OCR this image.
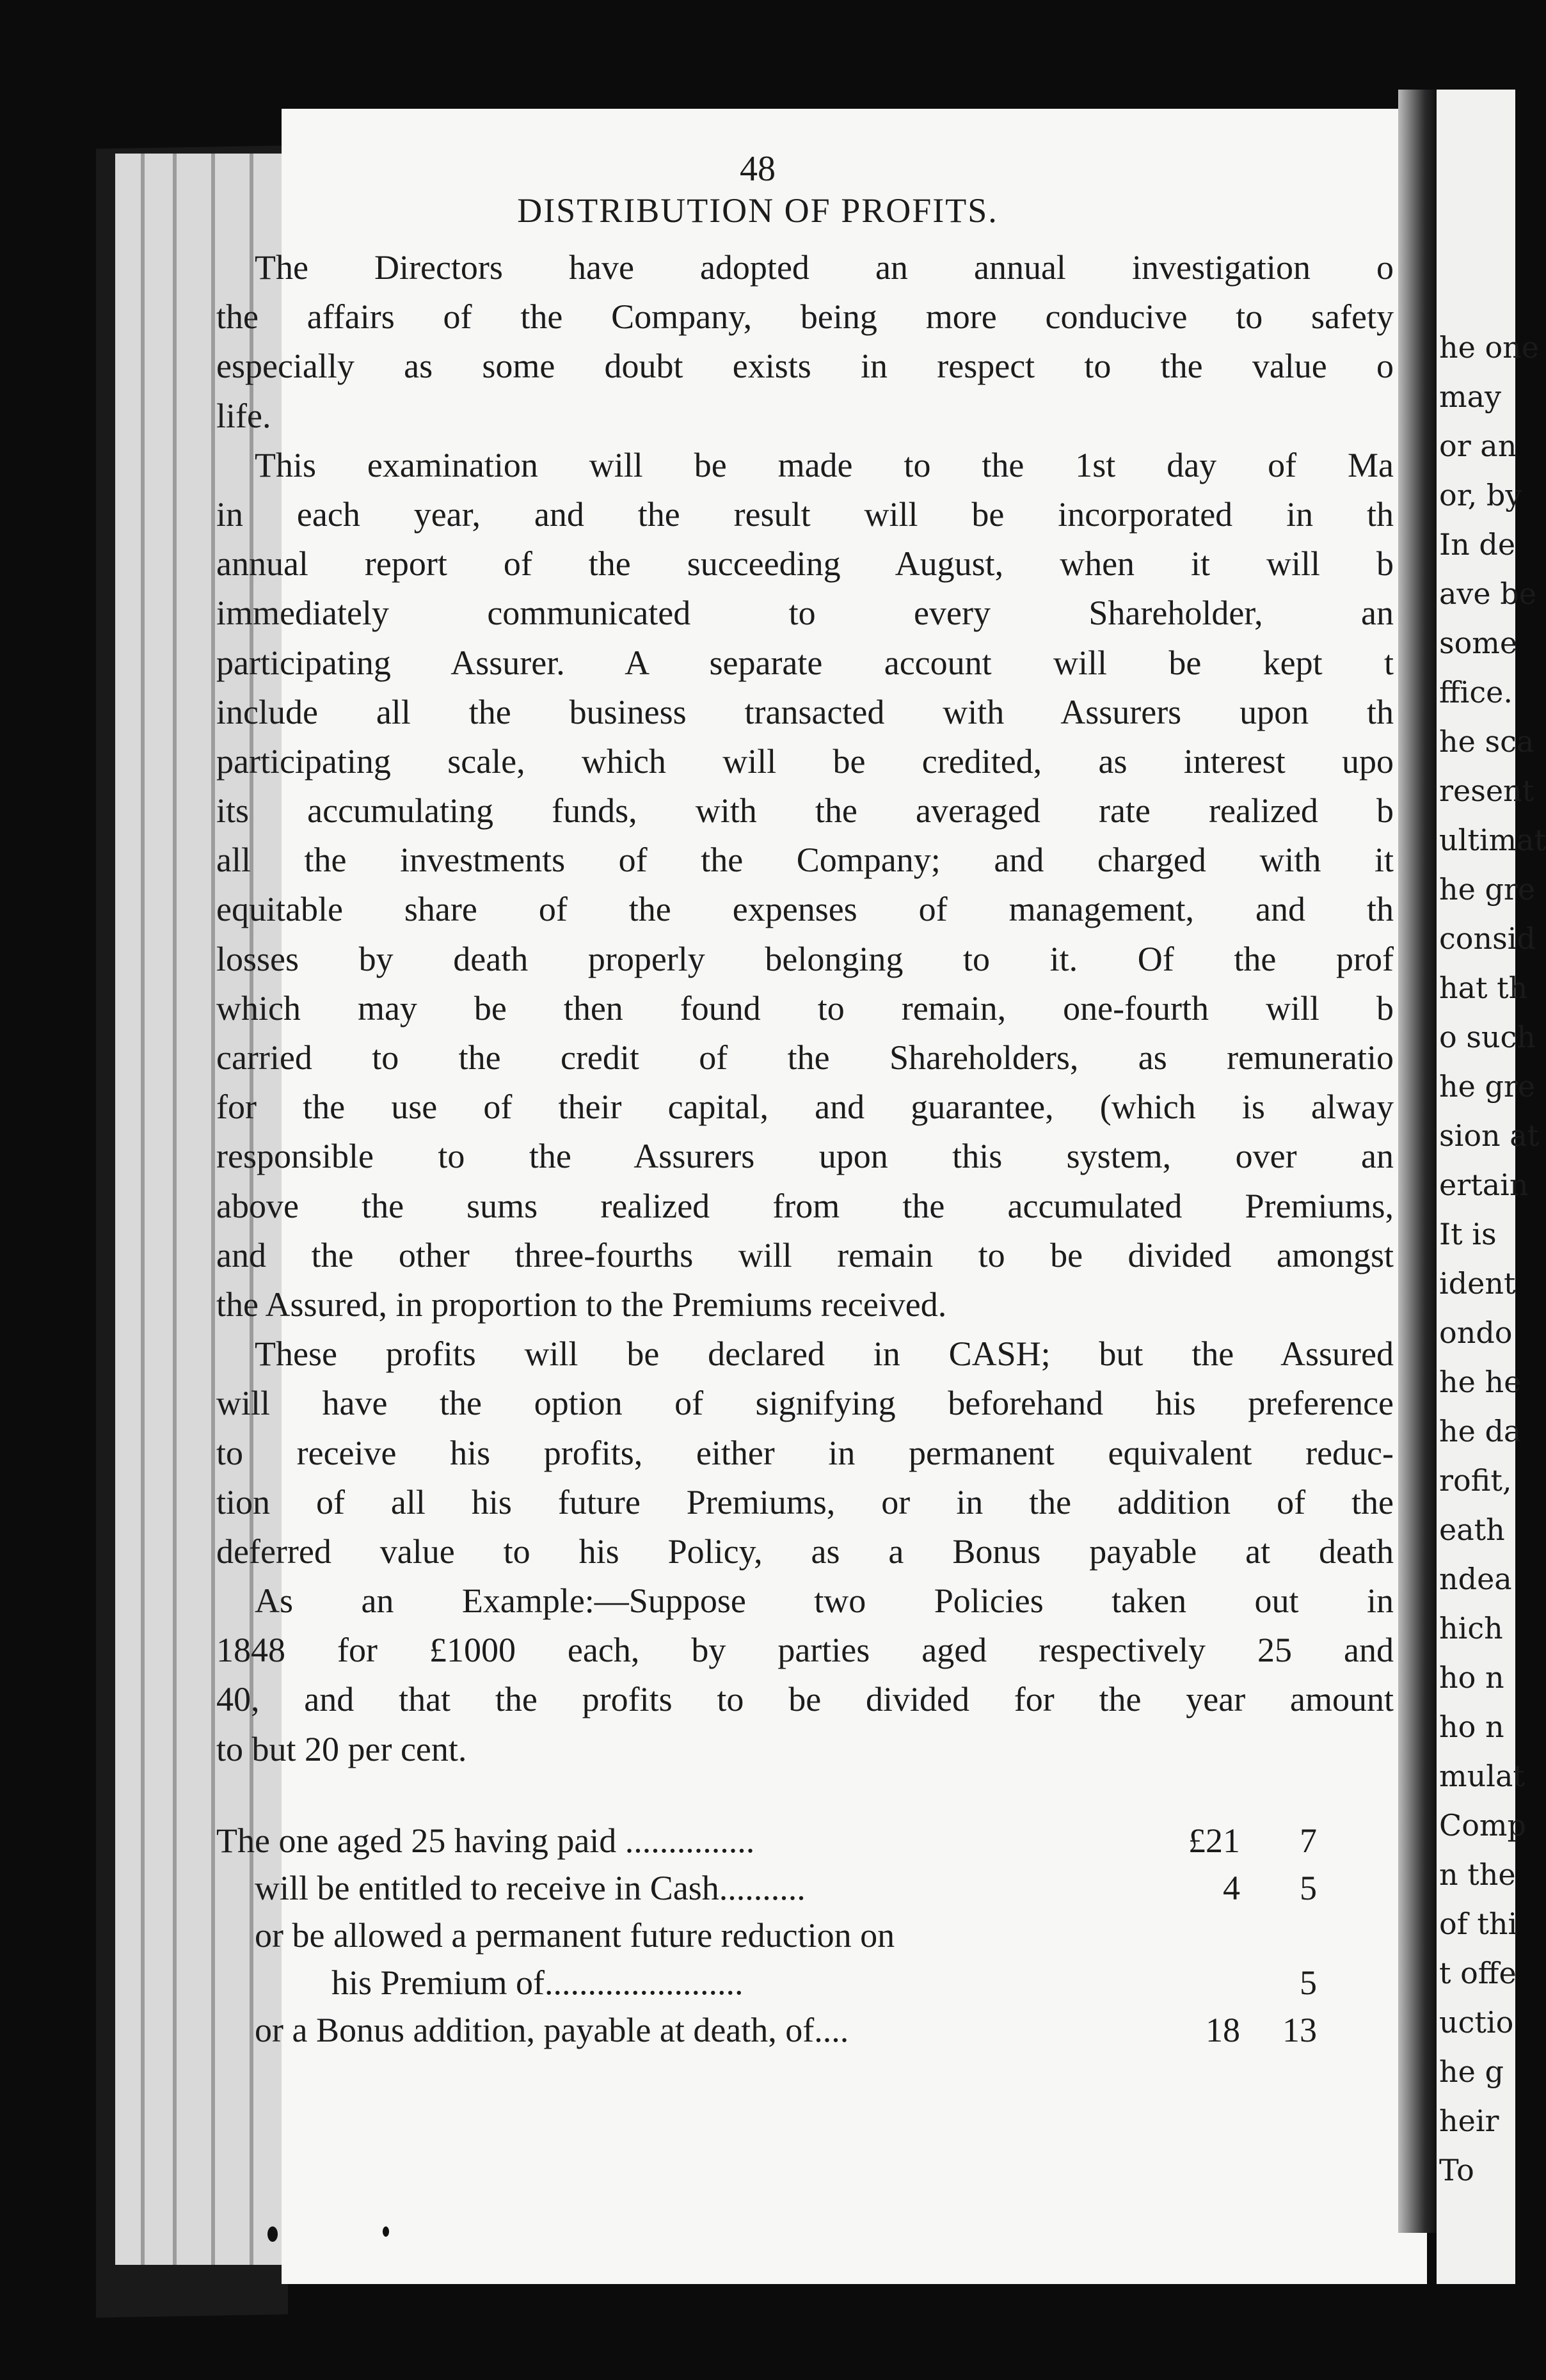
he one
may
or an
or, by
In de
ave be
some
ffice.
he sca
resent
ultimat
he gre
consid
hat th
o such
he gre
sion at
ertain
It is
ident
ondo
he he
he da
rofit,
eath
ndea
hich
ho n
ho n
mulat
Comp
n the
of thi
t offe
uctio
he g
heir
To
48
DISTRIBUTION OF PROFITS.
The Directors have adopted an annual investigation o
the affairs of the Company, being more conducive to safety
especially as some doubt exists in respect to the value o
life.
This examination will be made to the 1st day of Ma
in each year, and the result will be incorporated in th
annual report of the succeeding August, when it will b
immediately communicated to every Shareholder, an
participating Assurer. A separate account will be kept t
include all the business transacted with Assurers upon th
participating scale, which will be credited, as interest upo
its accumulating funds, with the averaged rate realized b
all the investments of the Company; and charged with it
equitable share of the expenses of management, and th
losses by death properly belonging to it. Of the prof
which may be then found to remain, one-fourth will b
carried to the credit of the Shareholders, as remuneratio
for the use of their capital, and guarantee, (which is alway
responsible to the Assurers upon this system, over an
above the sums realized from the accumulated Premiums,
and the other three-fourths will remain to be divided amongst
the Assured, in proportion to the Premiums received.
These profits will be declared in CASH; but the Assured
will have the option of signifying beforehand his preference
to receive his profits, either in permanent equivalent reduc-
tion of all his future Premiums, or in the addition of the
deferred value to his Policy, as a Bonus payable at death
As an Example:—Suppose two Policies taken out in
1848 for £1000 each, by parties aged respectively 25 and
40, and that the profits to be divided for the year amount
to but 20 per cent.
The one aged 25 having paid ...............	£21 7
will be entitled to receive in Cash..........	4 5
or be allowed a permanent future reduction on
his Premium of.......................	5
or a Bonus addition, payable at death, of....	18 13
